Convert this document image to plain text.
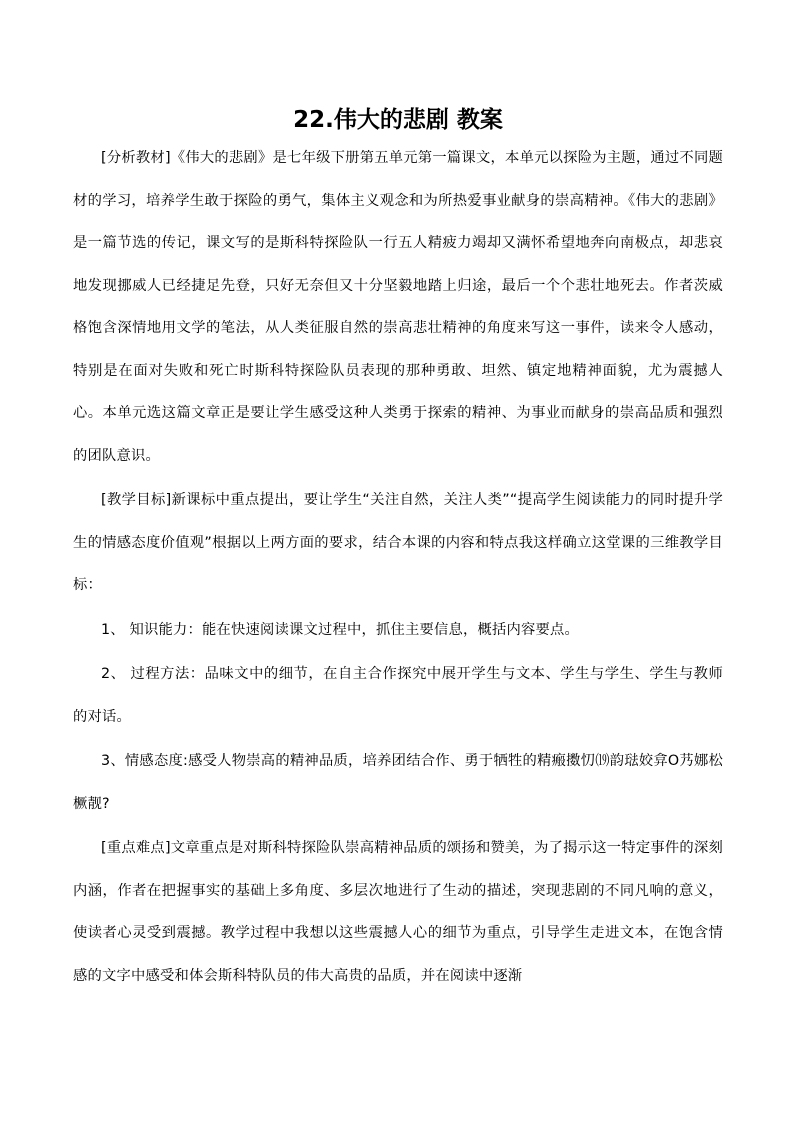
22.伟大的悲剧 教案

[分析教材]《伟大的悲剧》是七年级下册第五单元第一篇课文，本单元以探险为主题，通过不同题材的学习，培养学生敢于探险的勇气，集体主义观念和为所热爱事业献身的崇高精神。《伟大的悲剧》是一篇节选的传记，课文写的是斯科特探险队一行五人精疲力竭却又满怀希望地奔向南极点，却悲哀地发现挪威人已经捷足先登，只好无奈但又十分坚毅地踏上归途，最后一个个悲壮地死去。作者茨威格饱含深情地用文学的笔法，从人类征服自然的崇高悲壮精神的角度来写这一事件，读来令人感动，特别是在面对失败和死亡时斯科特探险队员表现的那种勇敢、坦然、镇定地精神面貌，尤为震撼人心。本单元选这篇文章正是要让学生感受这种人类勇于探索的精神、为事业而献身的崇高品质和强烈的团队意识。

[教学目标]新课标中重点提出，要让学生“关注自然，关注人类”“提高学生阅读能力的同时提升学生的情感态度价值观”根据以上两方面的要求，结合本课的内容和特点我这样确立这堂课的三维教学目标：

1、 知识能力：能在快速阅读课文过程中，抓住主要信息，概括内容要点。

2、 过程方法：品味文中的细节，在自主合作探究中展开学生与文本、学生与学生、学生与教师的对话。

3、情感态度:感受人物崇高的精神品质，培养团结合作、勇于牺牲的精瘢擞忉⒆韵琺姣弇O艿娜松橛靓?

[重点难点]文章重点是对斯科特探险队崇高精神品质的颂扬和赞美，为了揭示这一特定事件的深刻内涵，作者在把握事实的基础上多角度、多层次地进行了生动的描述，突现悲剧的不同凡响的意义，使读者心灵受到震撼。教学过程中我想以这些震撼人心的细节为重点，引导学生走进文本，在饱含情感的文字中感受和体会斯科特队员的伟大高贵的品质，并在阅读中逐渐
